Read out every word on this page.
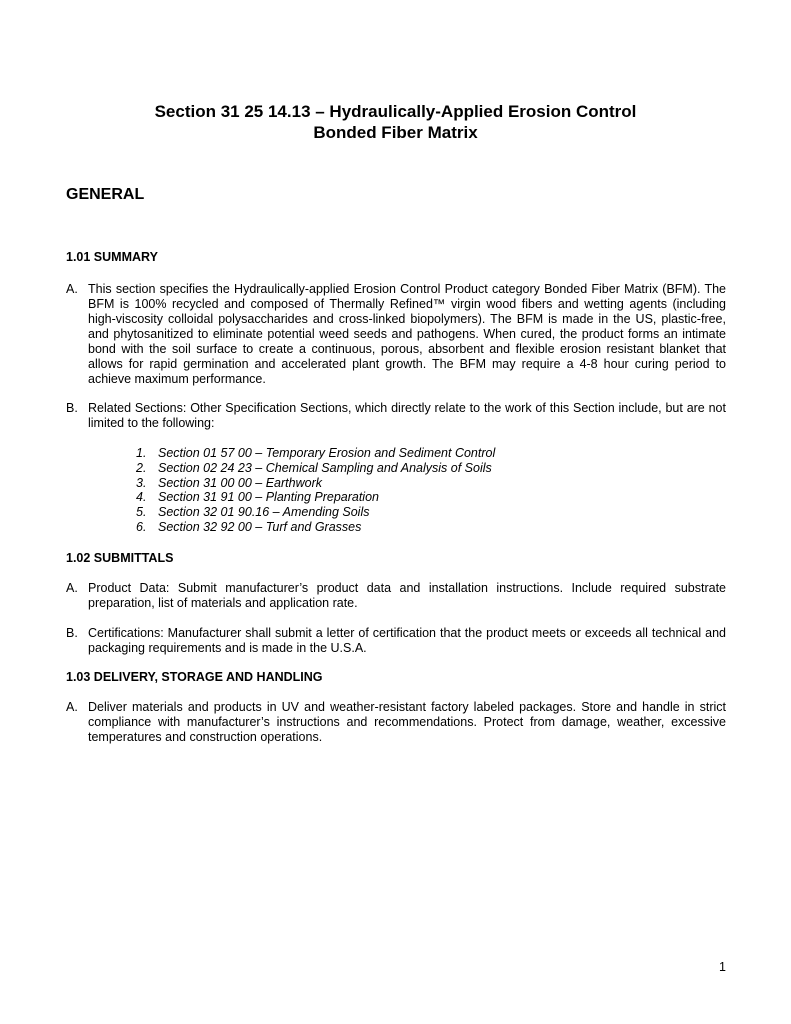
Section 31 25 14.13 – Hydraulically-Applied Erosion Control
Bonded Fiber Matrix
GENERAL
1.01 SUMMARY
A. This section specifies the Hydraulically-applied Erosion Control Product category Bonded Fiber Matrix (BFM). The BFM is 100% recycled and composed of Thermally Refined™ virgin wood fibers and wetting agents (including high-viscosity colloidal polysaccharides and cross-linked biopolymers). The BFM is made in the US, plastic-free, and phytosanitized to eliminate potential weed seeds and pathogens. When cured, the product forms an intimate bond with the soil surface to create a continuous, porous, absorbent and flexible erosion resistant blanket that allows for rapid germination and accelerated plant growth. The BFM may require a 4-8 hour curing period to achieve maximum performance.
B. Related Sections: Other Specification Sections, which directly relate to the work of this Section include, but are not limited to the following:
1. Section 01 57 00 – Temporary Erosion and Sediment Control
2. Section 02 24 23 – Chemical Sampling and Analysis of Soils
3. Section 31 00 00 – Earthwork
4. Section 31 91 00 – Planting Preparation
5. Section 32 01 90.16 – Amending Soils
6. Section 32 92 00 – Turf and Grasses
1.02 SUBMITTALS
A. Product Data: Submit manufacturer’s product data and installation instructions. Include required substrate preparation, list of materials and application rate.
B. Certifications: Manufacturer shall submit a letter of certification that the product meets or exceeds all technical and packaging requirements and is made in the U.S.A.
1.03 DELIVERY, STORAGE AND HANDLING
A. Deliver materials and products in UV and weather-resistant factory labeled packages. Store and handle in strict compliance with manufacturer’s instructions and recommendations. Protect from damage, weather, excessive temperatures and construction operations.
1
